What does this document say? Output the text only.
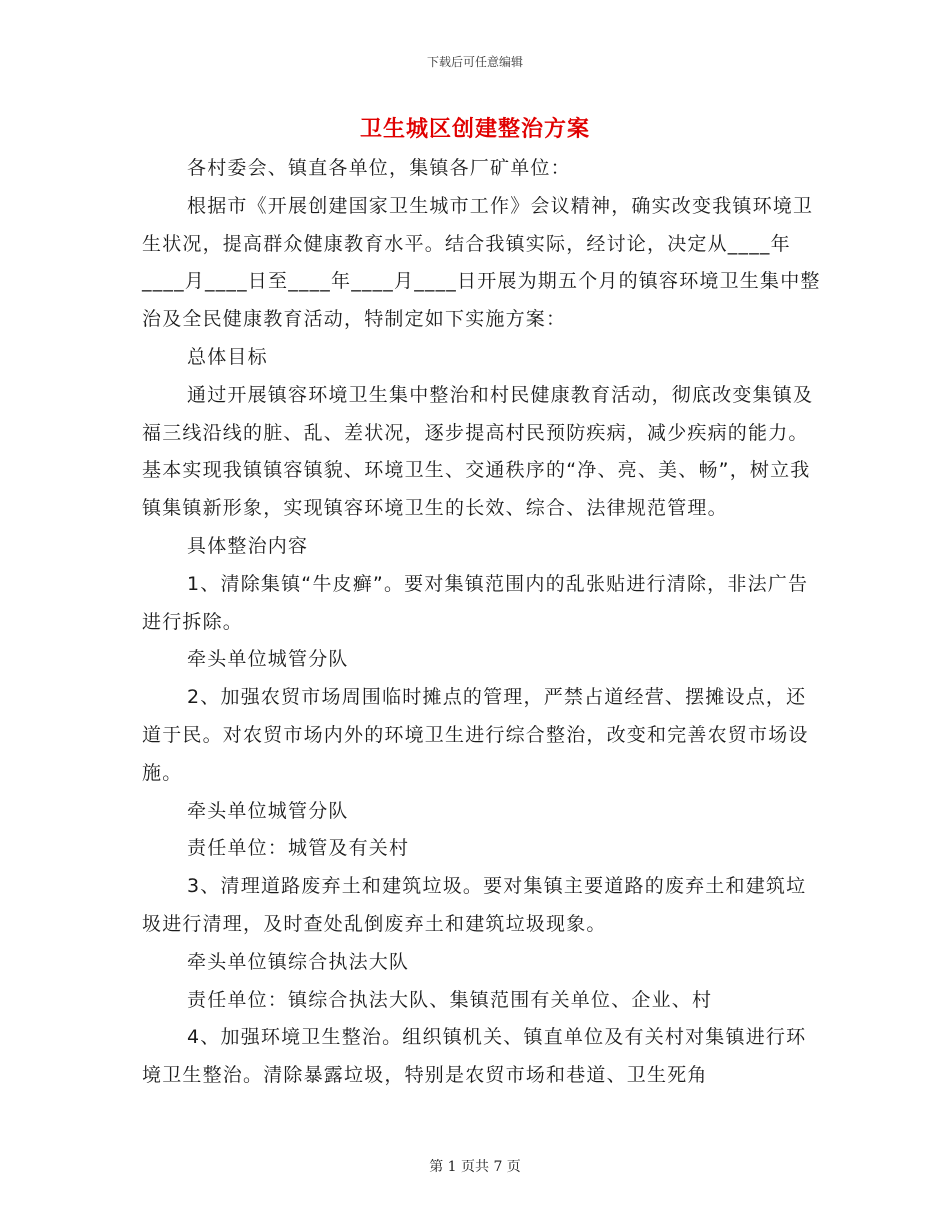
下载后可任意编辑
卫生城区创建整治方案

各村委会、镇直各单位，集镇各厂矿单位：

根据市《开展创建国家卫生城市工作》会议精神，确实改变我镇环境卫生状况，提高群众健康教育水平。结合我镇实际，经讨论，决定从____年____月____日至____年____月____日开展为期五个月的镇容环境卫生集中整治及全民健康教育活动，特制定如下实施方案：

总体目标

通过开展镇容环境卫生集中整治和村民健康教育活动，彻底改变集镇及福三线沿线的脏、乱、差状况，逐步提高村民预防疾病，减少疾病的能力。基本实现我镇镇容镇貌、环境卫生、交通秩序的“净、亮、美、畅”，树立我镇集镇新形象，实现镇容环境卫生的长效、综合、法律规范管理。

具体整治内容

1、清除集镇“牛皮癣”。要对集镇范围内的乱张贴进行清除，非法广告进行拆除。

牵头单位城管分队

2、加强农贸市场周围临时摊点的管理，严禁占道经营、摆摊设点，还道于民。对农贸市场内外的环境卫生进行综合整治，改变和完善农贸市场设施。

牵头单位城管分队

责任单位：城管及有关村

3、清理道路废弃土和建筑垃圾。要对集镇主要道路的废弃土和建筑垃圾进行清理，及时查处乱倒废弃土和建筑垃圾现象。

牵头单位镇综合执法大队

责任单位：镇综合执法大队、集镇范围有关单位、企业、村

4、加强环境卫生整治。组织镇机关、镇直单位及有关村对集镇进行环境卫生整治。清除暴露垃圾，特别是农贸市场和巷道、卫生死角

第 1 页共 7 页
